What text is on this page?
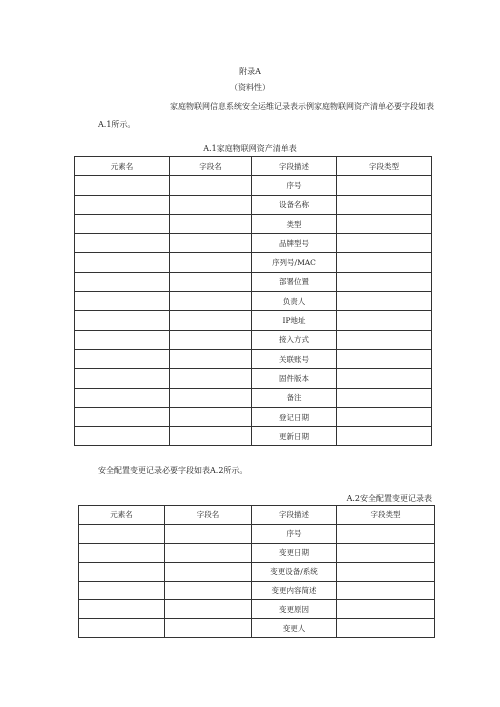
附录A
（资料性）
家庭物联网信息系统安全运维记录表示例家庭物联网资产清单必要字段如表A.1所示。
A.1家庭物联网资产清单表
元素名	字段名	字段描述	字段类型
		序号	
		设备名称	
		类型	
		品牌型号	
		序列号/MAC	
		部署位置	
		负责人	
		IP地址	
		接入方式	
		关联账号	
		固件版本	
		备注	
		登记日期	
		更新日期	
安全配置变更记录必要字段如表A.2所示。
A.2安全配置变更记录表
元素名	字段名	字段描述	字段类型
		序号	
		变更日期	
		变更设备/系统	
		变更内容简述	
		变更原因	
		变更人	
